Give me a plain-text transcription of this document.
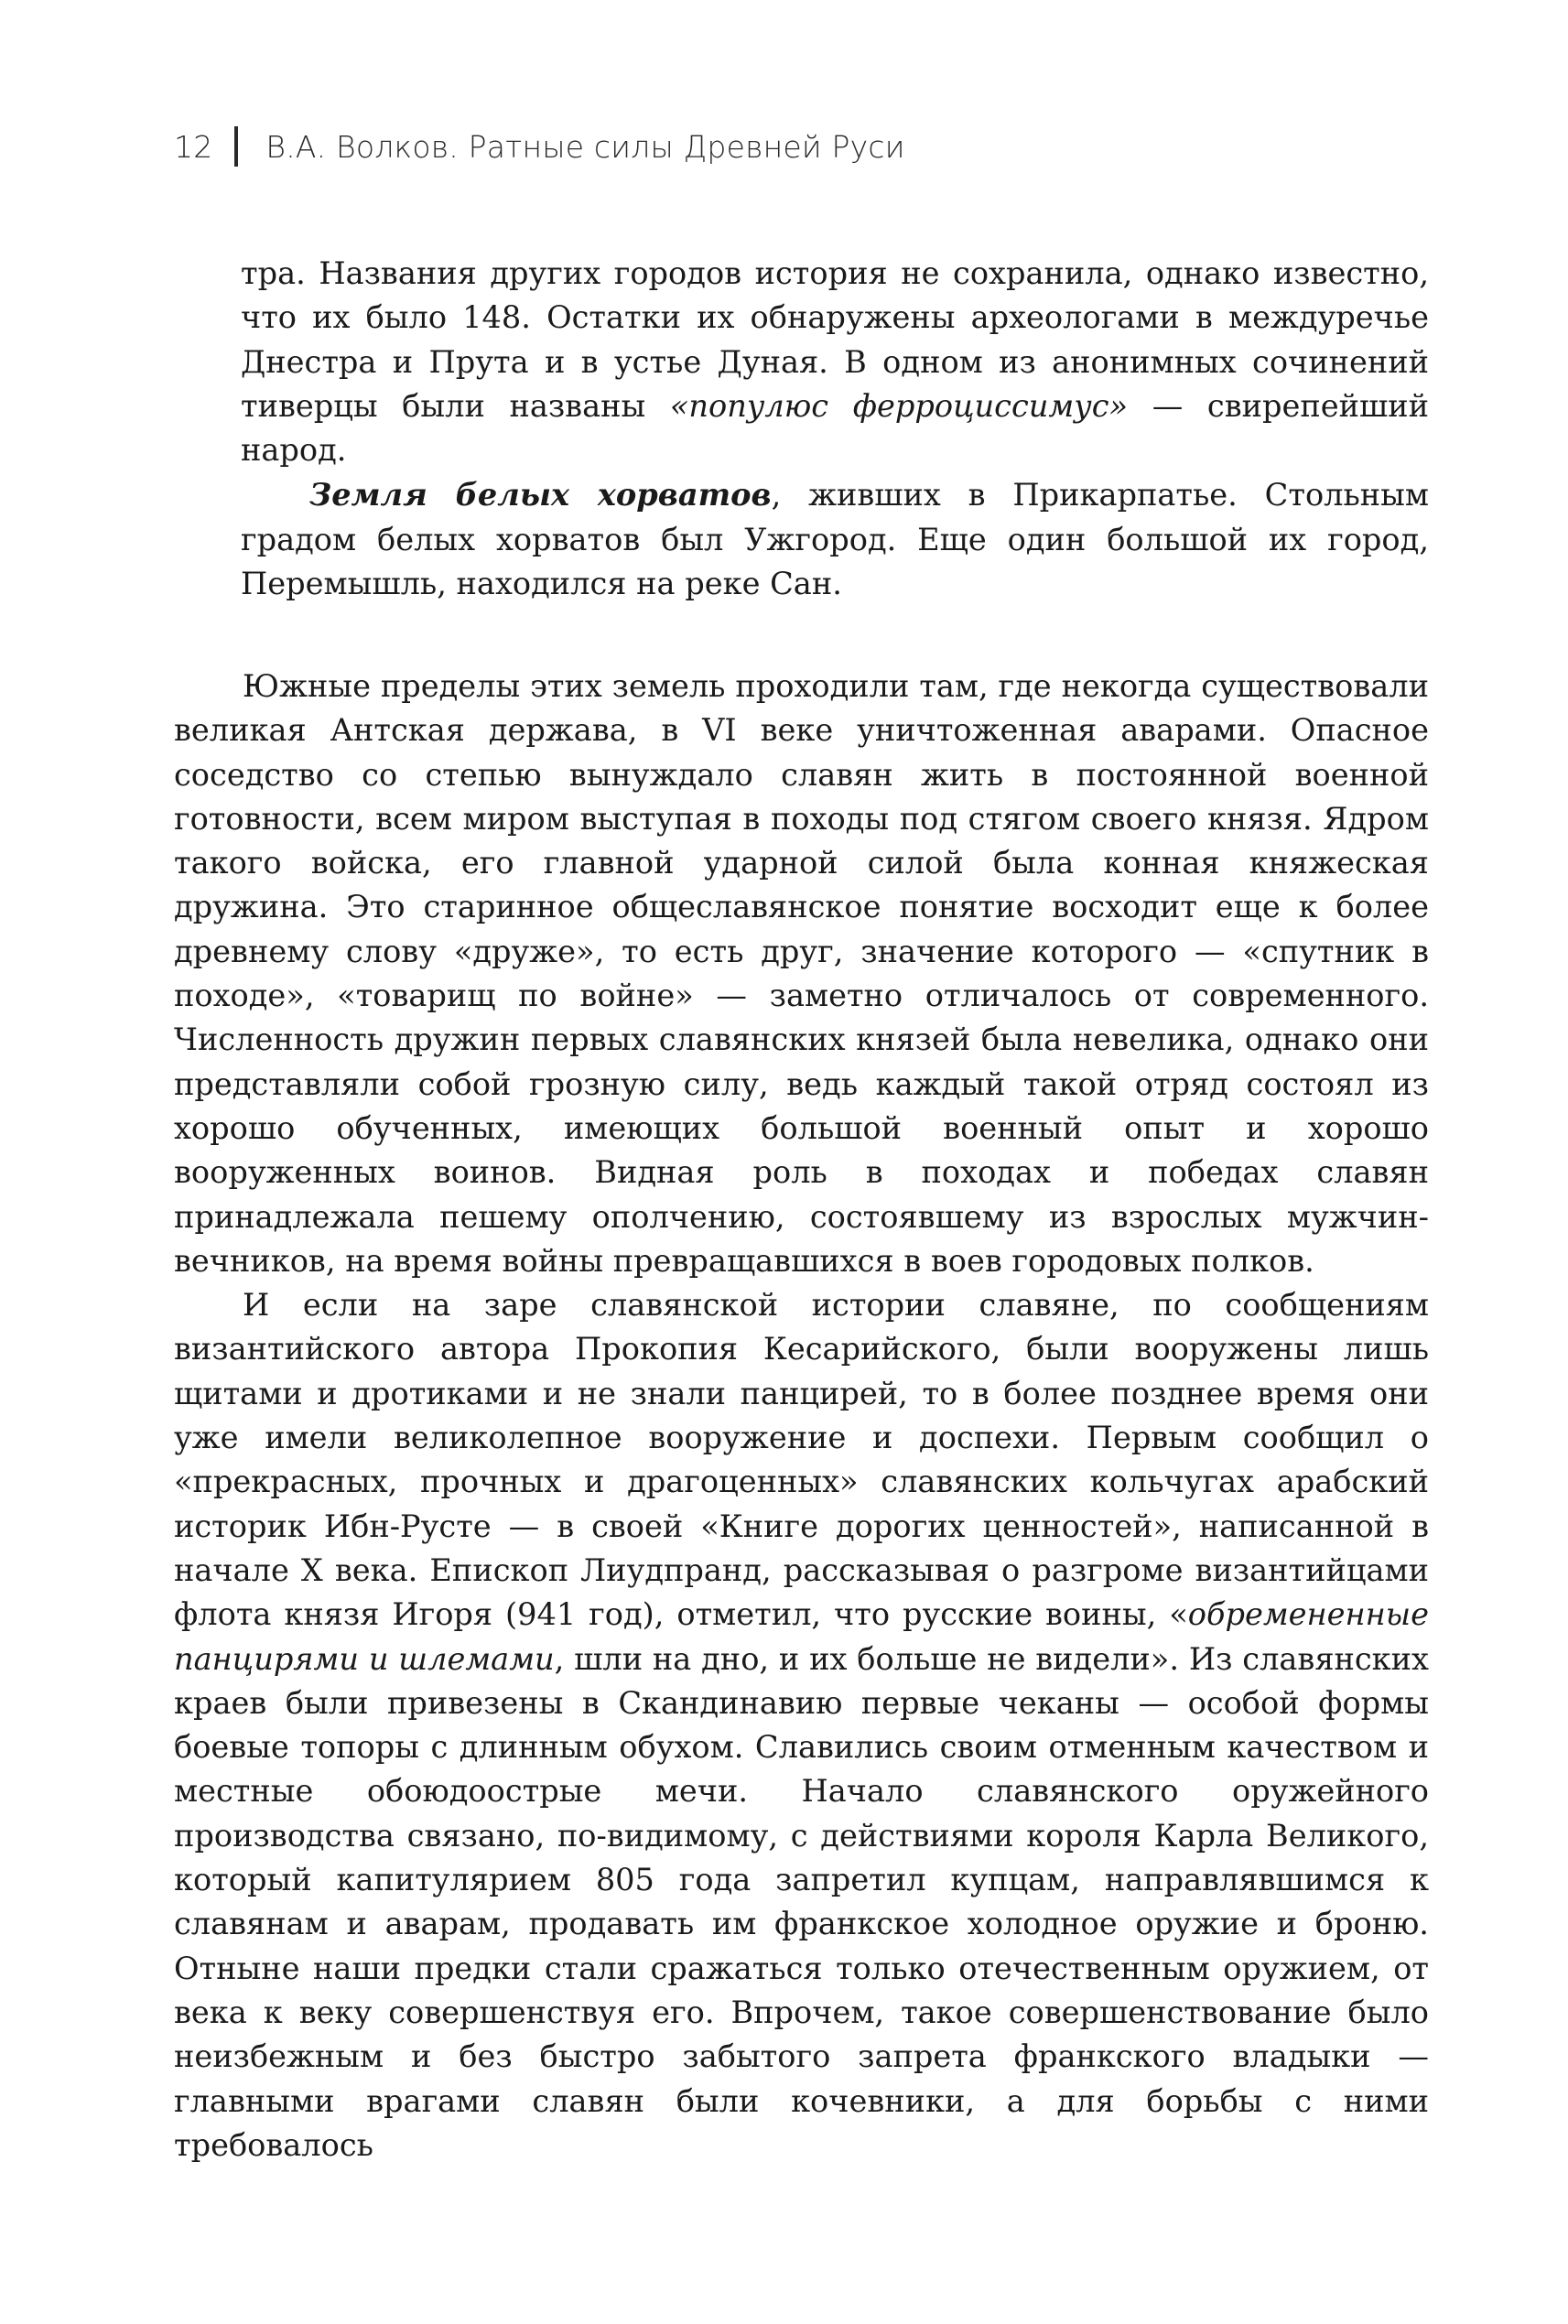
12 В.А. Волков. Ратные силы Древней Руси

тра. Названия других городов история не сохранила, однако известно, что их было 148. Остатки их обнаружены археологами в междуречье Днестра и Прута и в устье Дуная. В одном из анонимных сочинений тиверцы были названы «популюс ферроциссимус» — свирепейший народ.

Земля белых хорватов, живших в Прикарпатье. Стольным градом белых хорватов был Ужгород. Еще один большой их город, Перемышль, находился на реке Сан.

Южные пределы этих земель проходили там, где некогда существовали великая Антская держава, в VI веке уничтоженная аварами. Опасное соседство со степью вынуждало славян жить в постоянной военной готовности, всем миром выступая в походы под стягом своего князя. Ядром такого войска, его главной ударной силой была конная княжеская дружина. Это старинное общеславянское понятие восходит еще к более древнему слову «друже», то есть друг, значение которого — «спутник в походе», «товарищ по войне» — заметно отличалось от современного. Численность дружин первых славянских князей была невелика, однако они представляли собой грозную силу, ведь каждый такой отряд состоял из хорошо обученных, имеющих большой военный опыт и хорошо вооруженных воинов. Видная роль в походах и победах славян принадлежала пешему ополчению, состоявшему из взрослых мужчин-вечников, на время войны превращавшихся в воев городовых полков.

И если на заре славянской истории славяне, по сообщениям византийского автора Прокопия Кесарийского, были вооружены лишь щитами и дротиками и не знали панцирей, то в более позднее время они уже имели великолепное вооружение и доспехи. Первым сообщил о «прекрасных, прочных и драгоценных» славянских кольчугах арабский историк Ибн-Русте — в своей «Книге дорогих ценностей», написанной в начале X века. Епископ Лиудпранд, рассказывая о разгроме византийцами флота князя Игоря (941 год), отметил, что русские воины, «обремененные панцирями и шлемами, шли на дно, и их больше не видели». Из славянских краев были привезены в Скандинавию первые чеканы — особой формы боевые топоры с длинным обухом. Славились своим отменным качеством и местные обоюдоострые мечи. Начало славянского оружейного производства связано, по-видимому, с действиями короля Карла Великого, который капитулярием 805 года запретил купцам, направлявшимся к славянам и аварам, продавать им франкское холодное оружие и броню. Отныне наши предки стали сражаться только отечественным оружием, от века к веку совершенствуя его. Впрочем, такое совершенствование было неизбежным и без быстро забытого запрета франкского владыки — главными врагами славян были кочевники, а для борьбы с ними требовалось
